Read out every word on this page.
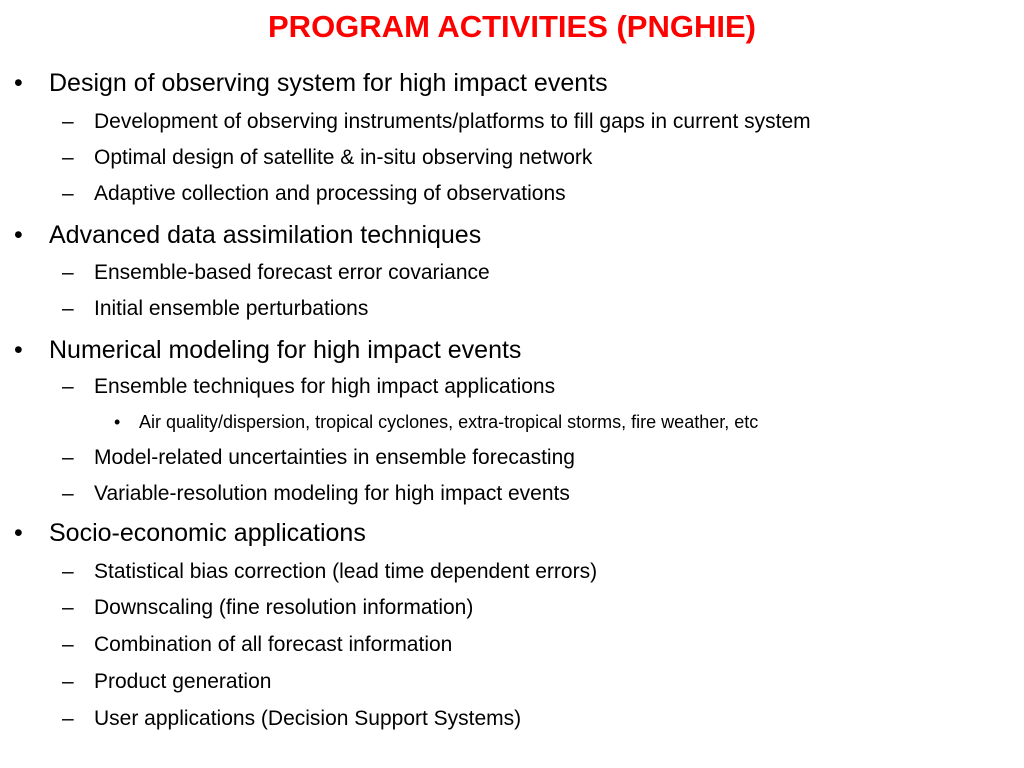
PROGRAM ACTIVITIES (PNGHIE)
• Design of observing system for high impact events
– Development of observing instruments/platforms to fill gaps in current system
– Optimal design of satellite & in-situ observing network
– Adaptive collection and processing of observations
• Advanced data assimilation techniques
– Ensemble-based forecast error covariance
– Initial ensemble perturbations
• Numerical modeling for high impact events
– Ensemble techniques for high impact applications
• Air quality/dispersion, tropical cyclones, extra-tropical storms, fire weather, etc
– Model-related uncertainties in ensemble forecasting
– Variable-resolution modeling for high impact events
• Socio-economic applications
– Statistical bias correction (lead time dependent errors)
– Downscaling (fine resolution information)
– Combination of all forecast information
– Product generation
– User applications (Decision Support Systems)
